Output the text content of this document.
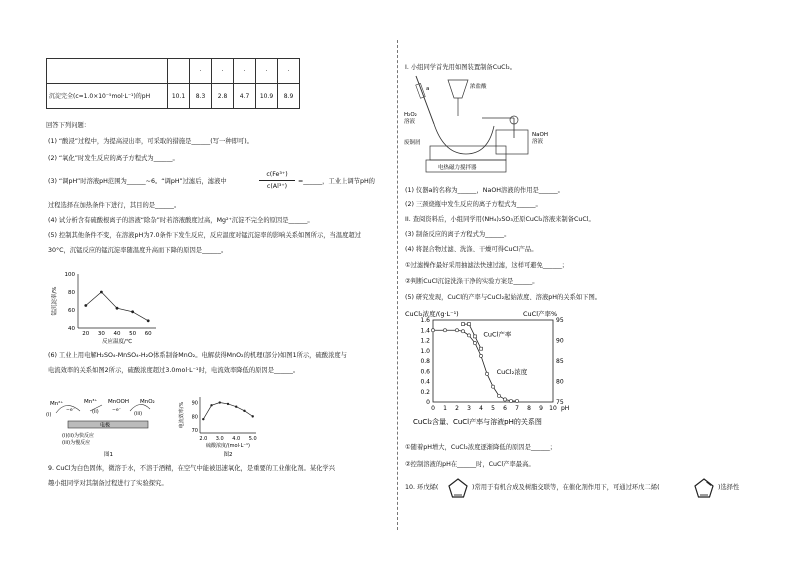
		·	·	·	·	·
沉淀完全(c=1.0×10⁻⁵mol·L⁻¹)的pH	10.1	8.3	2.8	4.7	10.9	8.9
回答下列问题：
(1) “酸浸”过程中，为提高浸出率，可采取的措施是______(写一种即可)。
(2) “氧化”时发生反应的离子方程式为______。
(3) “调pH”时溶液pH范围为______~6。“调pH”过滤后，滤液中
c(Fe³⁺)
c(Al³⁺)
=______，工业上调节pH的
过程选择在加热条件下进行，其目的是______。
(4) 试分析含有硫酸根离子的溶液“除杂”时若溶液酸度过高，Mg²⁺沉淀不完全的原因是______。
(5) 控制其他条件不变，在溶液pH为7.0条件下发生反应，反应温度对锰沉淀率的影响关系如图所示，当温度超过
30°C，沉锰反应的锰沉淀率随温度升高而下降的原因是______。
40
60
80
100
20 30 40 50 60
锰沉淀率/%
反应温度/℃
(6) 工业上用电解H₂SO₄-MnSO₄-H₂O体系制备MnO₂。电解获得MnO₂的机理(部分)如图1所示，硫酸浓度与
电流效率的关系如图2所示，硫酸浓度超过3.0mol·L⁻¹时，电流效率降低的原因是______。
Mn²⁺	Mn³⁺ MnOOH MnO₂
(i)	(ii)	(iii)
−e⁻	−e⁻
电极
(i)(ii)为快反应
(iii)为慢反应
图1
70
80
90
2.0 3.0 4.0 5.0
电流效率/%
硫酸浓度/(mol·L⁻¹)
图2
9. CuCl为白色固体，微溶于水，不溶于酒精，在空气中能被迅速氧化，是重要的工业催化剂。某化学兴
趣小组同学对其制备过程进行了实验探究。
I. 小组同学首先用如图装置制备CuCl₂。
a	浓盐酸
H₂O₂
溶液
废铜屑
NaOH
溶液
电热磁力搅拌器
(1) 仪器a的名称为______，NaOH溶液的作用是______。
(2) 三颈烧瓶中发生反应的离子方程式为______。
II. 查阅资料后，小组同学用(NH₄)₂SO₃还原CuCl₂溶液来制备CuCl。
(3) 制备反应的离子方程式为______。
(4) 将混合物过滤、洗涤、干燥可得CuCl产品。
①过滤操作最好采用抽滤法快速过滤，这样可避免______；
②判断CuCl沉淀洗涤干净的实验方案是______。
(5) 研究发现，CuCl的产率与CuCl₂起始浓度、溶液pH的关系如下图。
0
0.2
0.4
0.6
0.8
1.0
1.2
1.4
1.6
75
80
85
90
95
0 1 2 3 4 5 6 7 8 9 10 pH
CuCl₂浓度/(g·L⁻¹)	CuCl产率%
CuCl₂含量、CuCl产率与溶液pH的关系图
CuCl产率
CuCl₂浓度
①随着pH增大，CuCl₂浓度逐渐降低的原因是______；
②控制溶液的pH在______时，CuCl产率最高。
10. 环戊烯(	)常用于有机合成及树脂交联等，在催化剂作用下，可通过环戊二烯(	)选择性
